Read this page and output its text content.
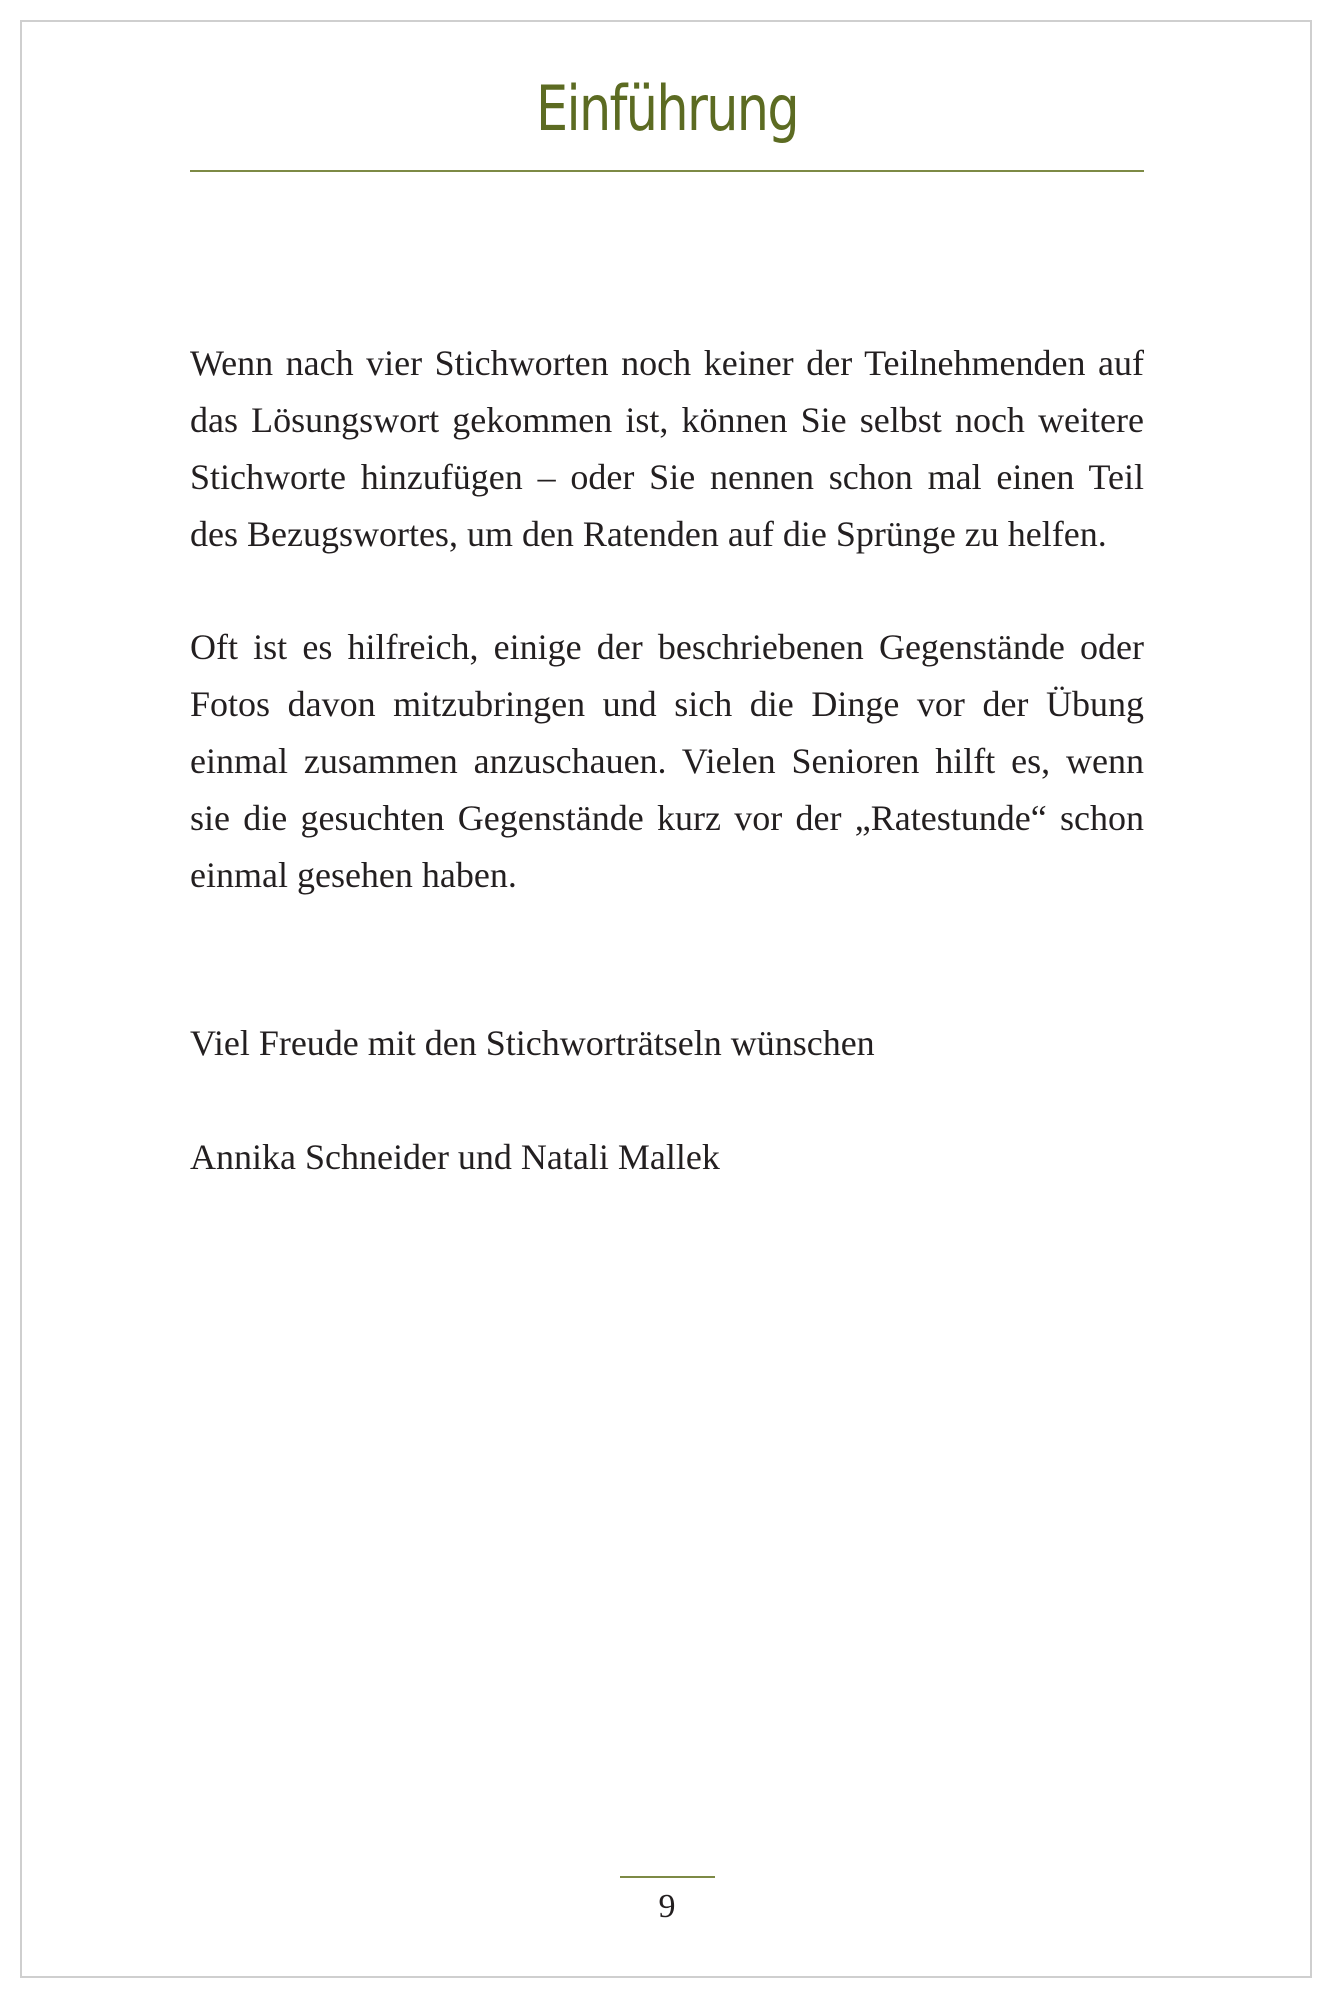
Einführung

Wenn nach vier Stichworten noch keiner der Teilnehmenden auf das Lösungswort gekommen ist, können Sie selbst noch weitere Stichworte hinzufügen – oder Sie nennen schon mal einen Teil des Bezugswortes, um den Ratenden auf die Sprünge zu helfen.

Oft ist es hilfreich, einige der beschriebenen Gegenstände oder Fotos davon mitzubringen und sich die Dinge vor der Übung einmal zusammen anzuschauen. Vielen Senioren hilft es, wenn sie die gesuchten Gegenstände kurz vor der „Ratestunde“ schon einmal gesehen haben.

Viel Freude mit den Stichworträtseln wünschen

Annika Schneider und Natali Mallek

9
